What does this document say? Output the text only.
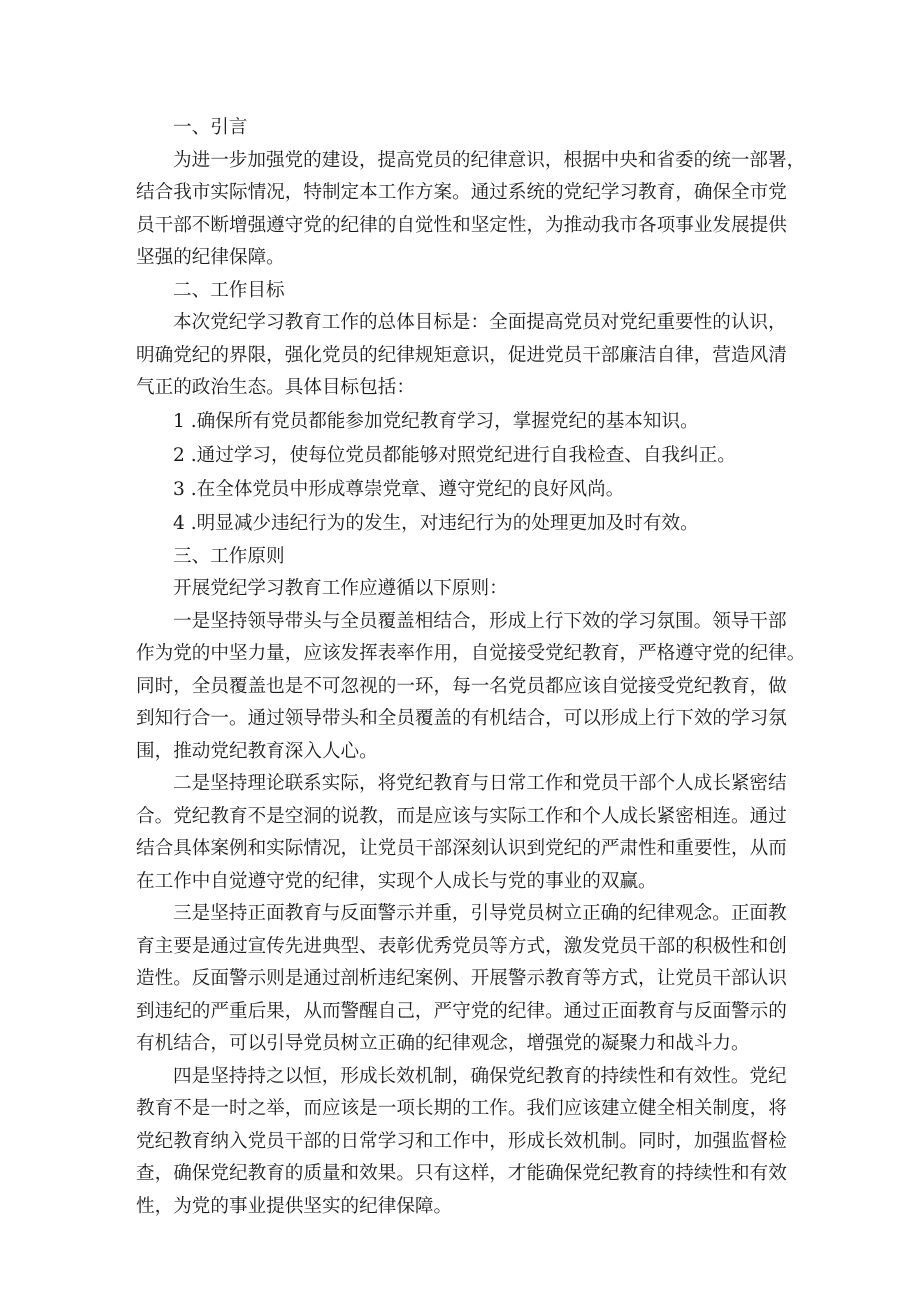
一、引言
为进一步加强党的建设，提高党员的纪律意识，根据中央和省委的统一部署，
结合我市实际情况，特制定本工作方案。通过系统的党纪学习教育，确保全市党
员干部不断增强遵守党的纪律的自觉性和坚定性，为推动我市各项事业发展提供
坚强的纪律保障。
二、工作目标
本次党纪学习教育工作的总体目标是：全面提高党员对党纪重要性的认识，
明确党纪的界限，强化党员的纪律规矩意识，促进党员干部廉洁自律，营造风清
气正的政治生态。具体目标包括：
1 .确保所有党员都能参加党纪教育学习，掌握党纪的基本知识。
2 .通过学习，使每位党员都能够对照党纪进行自我检查、自我纠正。
3 .在全体党员中形成尊崇党章、遵守党纪的良好风尚。
4 .明显减少违纪行为的发生，对违纪行为的处理更加及时有效。
三、工作原则
开展党纪学习教育工作应遵循以下原则：
一是坚持领导带头与全员覆盖相结合，形成上行下效的学习氛围。领导干部
作为党的中坚力量，应该发挥表率作用，自觉接受党纪教育，严格遵守党的纪律。
同时，全员覆盖也是不可忽视的一环，每一名党员都应该自觉接受党纪教育，做
到知行合一。通过领导带头和全员覆盖的有机结合，可以形成上行下效的学习氛
围，推动党纪教育深入人心。
二是坚持理论联系实际，将党纪教育与日常工作和党员干部个人成长紧密结
合。党纪教育不是空洞的说教，而是应该与实际工作和个人成长紧密相连。通过
结合具体案例和实际情况，让党员干部深刻认识到党纪的严肃性和重要性，从而
在工作中自觉遵守党的纪律，实现个人成长与党的事业的双赢。
三是坚持正面教育与反面警示并重，引导党员树立正确的纪律观念。正面教
育主要是通过宣传先进典型、表彰优秀党员等方式，激发党员干部的积极性和创
造性。反面警示则是通过剖析违纪案例、开展警示教育等方式，让党员干部认识
到违纪的严重后果，从而警醒自己，严守党的纪律。通过正面教育与反面警示的
有机结合，可以引导党员树立正确的纪律观念，增强党的凝聚力和战斗力。
四是坚持持之以恒，形成长效机制，确保党纪教育的持续性和有效性。党纪
教育不是一时之举，而应该是一项长期的工作。我们应该建立健全相关制度，将
党纪教育纳入党员干部的日常学习和工作中，形成长效机制。同时，加强监督检
查，确保党纪教育的质量和效果。只有这样，才能确保党纪教育的持续性和有效
性，为党的事业提供坚实的纪律保障。
